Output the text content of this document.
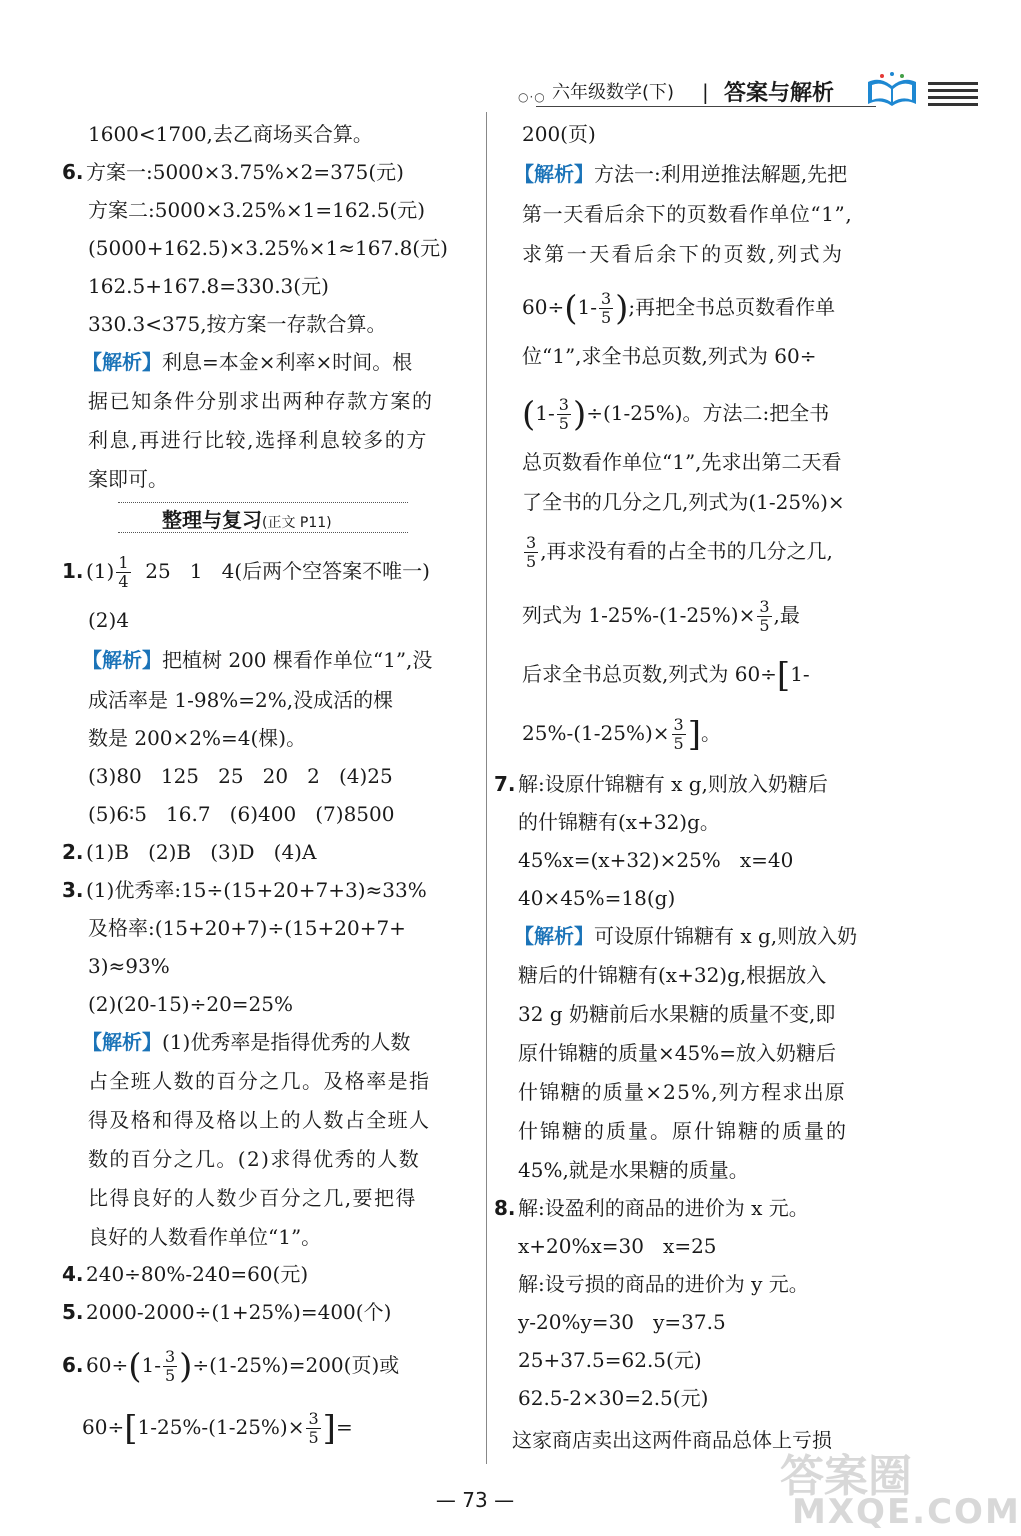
○·○ 六年级数学(下) | 答案与解析
1600<1700,去乙商场买合算。
6. 方案一:5000×3.75%×2=375(元)
方案二:5000×3.25%×1=162.5(元)
(5000+162.5)×3.25%×1≈167.8(元)
162.5+167.8=330.3(元)
330.3<375,按方案一存款合算。
【解析】利息=本金×利率×时间。根
据已知条件分别求出两种存款方案的
利息,再进行比较,选择利息较多的方
案即可。
整理与复习(正文 P11)
1. $(1) \frac{1}{4} 25$   1   4(后两个空答案不唯一)
(2)4
【解析】把植树 200 棵看作单位“1”,没
成活率是 1-98%=2%,没成活的棵
数是 200×2%=4(棵)。
(3)80   125   25   20   2   (4)25
(5)6∶5   16.7   (6)400   (7)8500
2. (1)B   (2)B   (3)D   (4)A
3. (1)优秀率:15÷(15+20+7+3)≈33%
及格率:(15+20+7)÷(15+20+7+
3)≈93%
(2)(20-15)÷20=25%
【解析】(1)优秀率是指得优秀的人数
占全班人数的百分之几。及格率是指
得及格和得及格以上的人数占全班人
数的百分之几。(2)求得优秀的人数
比得良好的人数少百分之几,要把得
良好的人数看作单位“1”。
4. 240÷80%-240=60(元)
5. 2000-2000÷(1+25%)=400(个)
6. $60\div(1- \frac{3}{5} )\div(1-25\%)=200$(页)或
$60\div[1-25\%-(1-25\%)\times \frac{3}{5}$ ]=
200(页)
【解析】方法一:利用逆推法解题,先把
第一天看后余下的页数看作单位“1”,
求第一天看后余下的页数,列式为
$60\div(1- \frac{3}{5}$ );再把全书总页数看作单
位“1”,求全书总页数,列式为 60÷
$(1- \frac{3}{5} )\div(1-25\%)$。方法二:把全书
总页数看作单位“1”,先求出第二天看
了全书的几分之几,列式为(1-25%)×
$\frac{3}{5}$ ,再求没有看的占全书的几分之几,
列式为 $1-25\%-(1-25\%)\times \frac{3}{5}$ ,最
后求全书总页数,列式为 60÷[1-
$25\%-(1-25\%)\times \frac{3}{5}$ ]。
7. 解:设原什锦糖有 x g,则放入奶糖后
的什锦糖有(x+32)g。
45%x=(x+32)×25%   x=40
40×45%=18(g)
【解析】可设原什锦糖有 x g,则放入奶
糖后的什锦糖有(x+32)g,根据放入
32 g 奶糖前后水果糖的质量不变,即
原什锦糖的质量×45%=放入奶糖后
什锦糖的质量×25%,列方程求出原
什锦糖的质量。原什锦糖的质量的
45%,就是水果糖的质量。
8. 解:设盈利的商品的进价为 x 元。
x+20%x=30   x=25
解:设亏损的商品的进价为 y 元。
y-20%y=30   y=37.5
25+37.5=62.5(元)
62.5-2×30=2.5(元)
这家商店卖出这两件商品总体上亏损
— 73 —	答案圈
MXQE.COM
